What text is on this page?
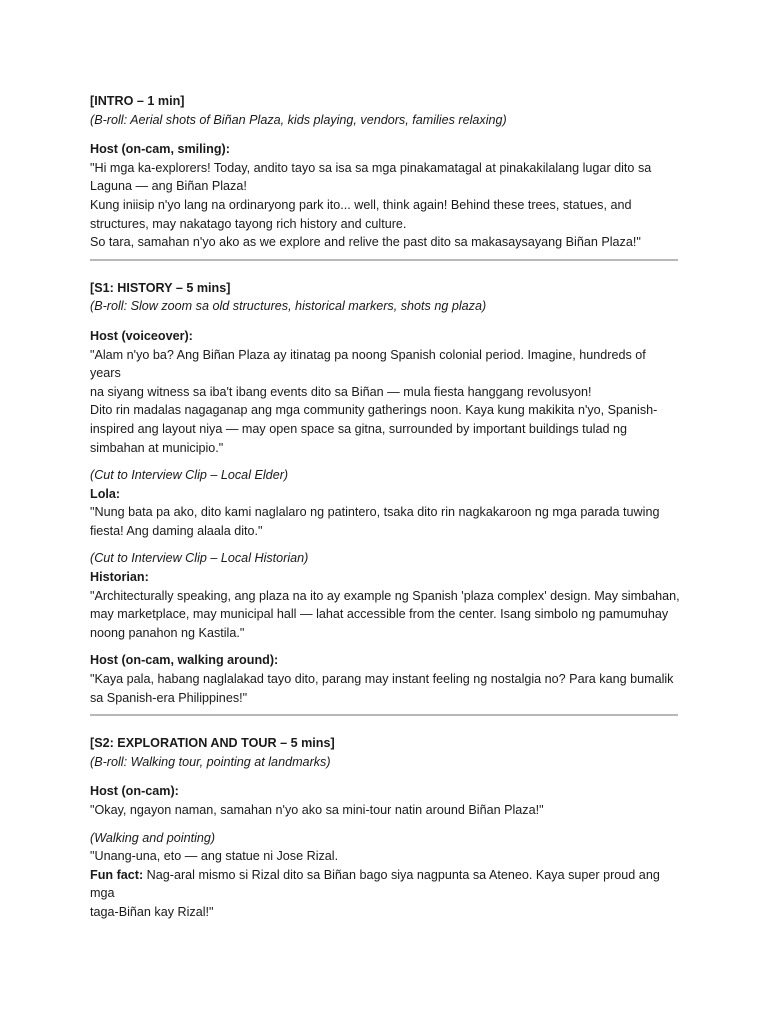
[INTRO – 1 min]

(B-roll: Aerial shots of Biñan Plaza, kids playing, vendors, families relaxing)

Host (on-cam, smiling):

"Hi mga ka-explorers! Today, andito tayo sa isa sa mga pinakamatagal at pinakakilalang lugar dito sa

Laguna — ang Biñan Plaza!

Kung iniisip n'yo lang na ordinaryong park ito... well, think again! Behind these trees, statues, and

structures, may nakatago tayong rich history and culture.

So tara, samahan n'yo ako as we explore and relive the past dito sa makasaysayang Biñan Plaza!"

[S1: HISTORY – 5 mins]

(B-roll: Slow zoom sa old structures, historical markers, shots ng plaza)

Host (voiceover):

"Alam n'yo ba? Ang Biñan Plaza ay itinatag pa noong Spanish colonial period. Imagine, hundreds of years

na siyang witness sa iba't ibang events dito sa Biñan — mula fiesta hanggang revolusyon!

Dito rin madalas nagaganap ang mga community gatherings noon. Kaya kung makikita n'yo, Spanish-

inspired ang layout niya — may open space sa gitna, surrounded by important buildings tulad ng

simbahan at municipio."

(Cut to Interview Clip – Local Elder)

Lola:

"Nung bata pa ako, dito kami naglalaro ng patintero, tsaka dito rin nagkakaroon ng mga parada tuwing

fiesta! Ang daming alaala dito."

(Cut to Interview Clip – Local Historian)

Historian:

"Architecturally speaking, ang plaza na ito ay example ng Spanish 'plaza complex' design. May simbahan,

may marketplace, may municipal hall — lahat accessible from the center. Isang simbolo ng pamumuhay

noong panahon ng Kastila."

Host (on-cam, walking around):

"Kaya pala, habang naglalakad tayo dito, parang may instant feeling ng nostalgia no? Para kang bumalik

sa Spanish-era Philippines!"

[S2: EXPLORATION AND TOUR – 5 mins]

(B-roll: Walking tour, pointing at landmarks)

Host (on-cam):

"Okay, ngayon naman, samahan n'yo ako sa mini-tour natin around Biñan Plaza!"

(Walking and pointing)

"Unang-una, eto — ang statue ni Jose Rizal.

Fun fact: Nag-aral mismo si Rizal dito sa Biñan bago siya nagpunta sa Ateneo. Kaya super proud ang mga

taga-Biñan kay Rizal!"
